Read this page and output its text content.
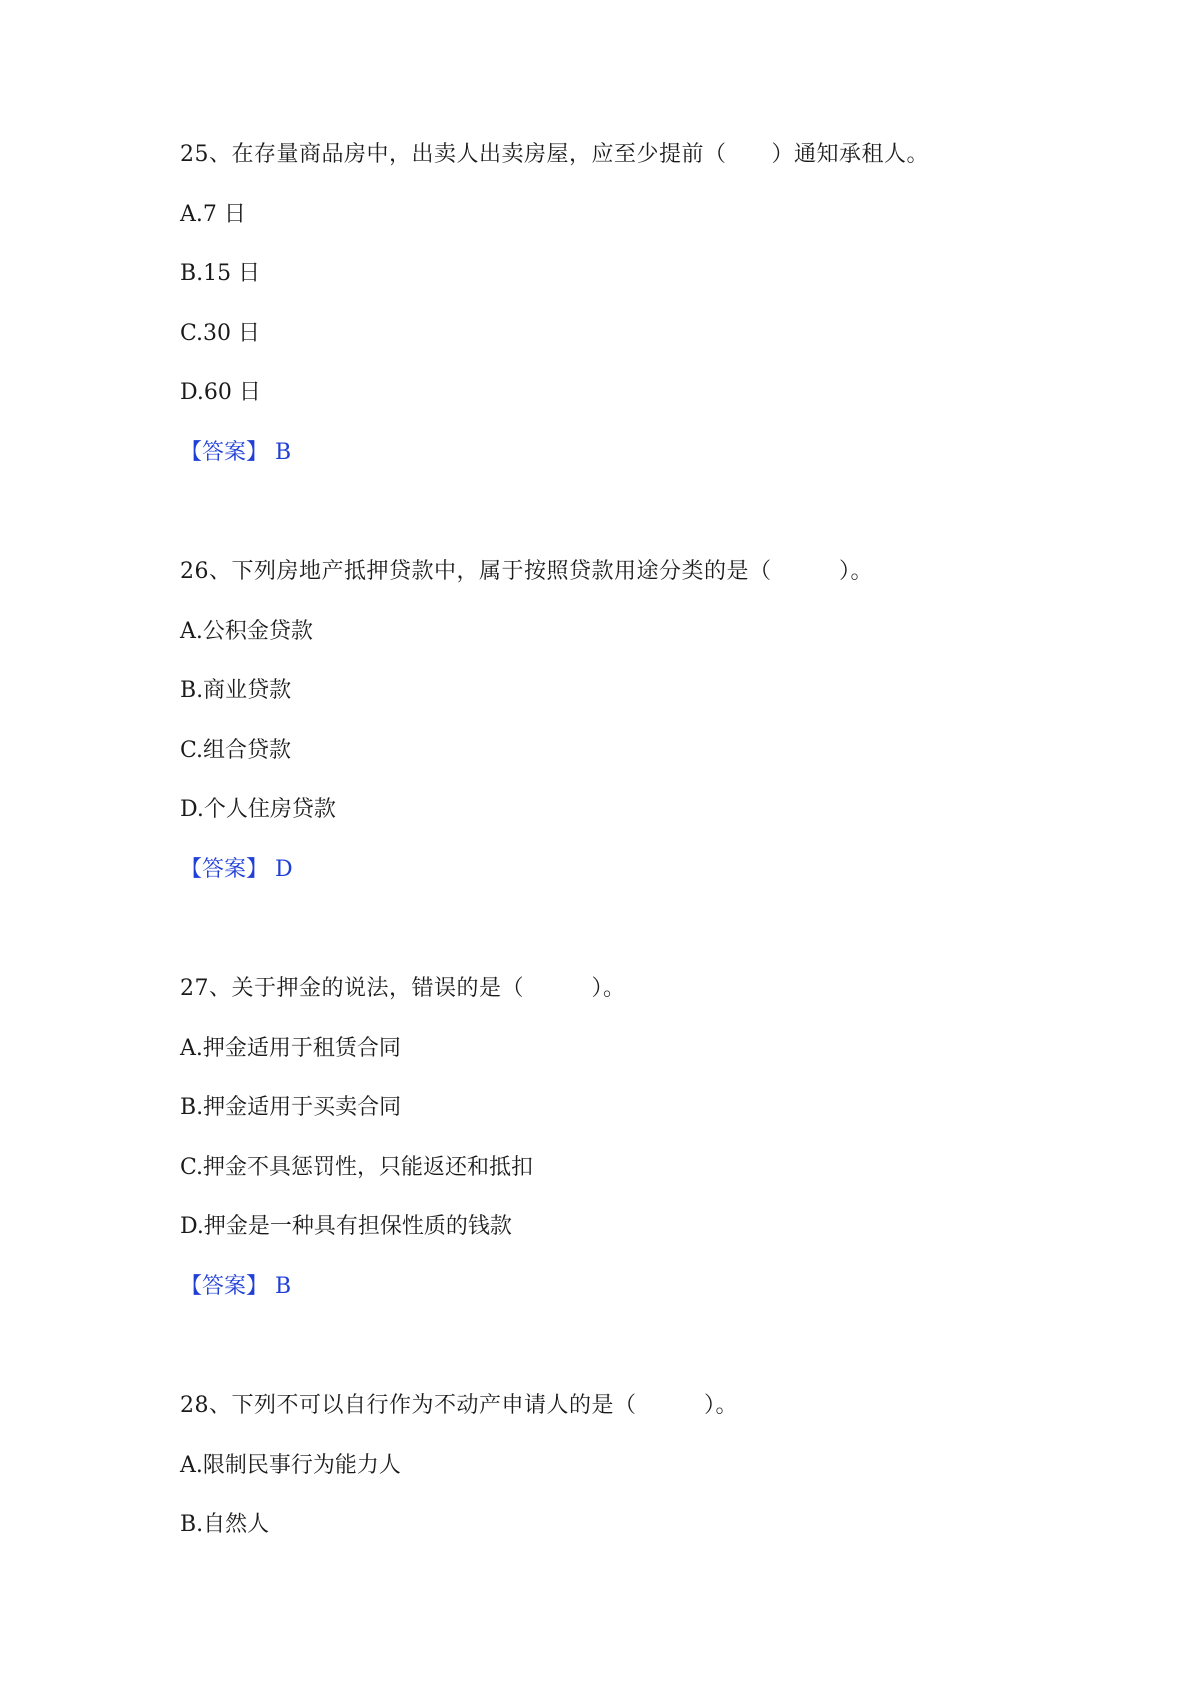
25、在存量商品房中，出卖人出卖房屋，应至少提前（　　）通知承租人。
A.7 日
B.15 日
C.30 日
D.60 日
【答案】 B
26、下列房地产抵押贷款中，属于按照贷款用途分类的是（　　　）。
A.公积金贷款
B.商业贷款
C.组合贷款
D.个人住房贷款
【答案】 D
27、关于押金的说法，错误的是（　　　）。
A.押金适用于租赁合同
B.押金适用于买卖合同
C.押金不具惩罚性，只能返还和抵扣
D.押金是一种具有担保性质的钱款
【答案】 B
28、下列不可以自行作为不动产申请人的是（　　　）。
A.限制民事行为能力人
B.自然人
